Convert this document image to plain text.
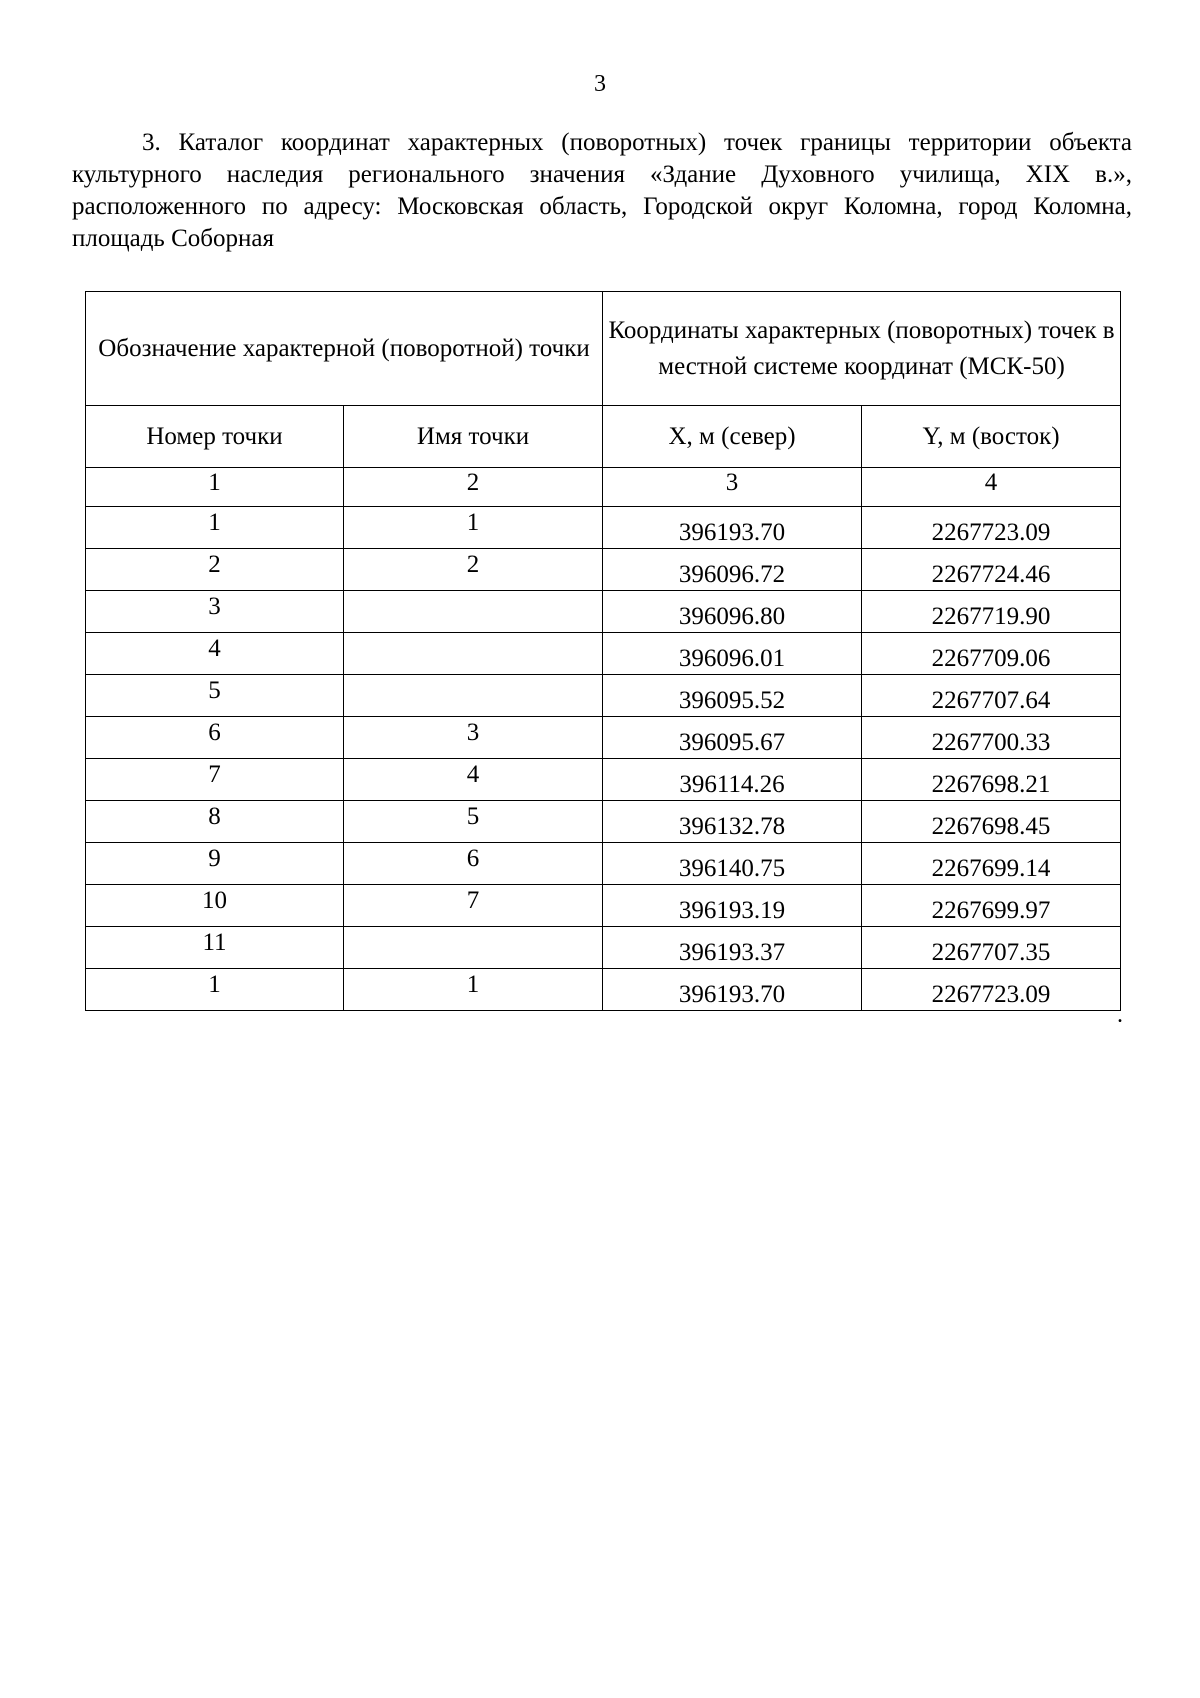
3

3. Каталог координат характерных (поворотных) точек границы территории объекта культурного наследия регионального значения «Здание Духовного училища, XIX в.», расположенного по адресу: Московская область, Городской округ Коломна, город Коломна, площадь Соборная

Обозначение характерной (поворотной) точки		Координаты характерных (поворотных) точек в местной системе координат (МСК-50)	
Номер точки	Имя точки	X, м (север)	Y, м (восток)
1	2	3	4
1	1	396193.70	2267723.09
2	2	396096.72	2267724.46
3		396096.80	2267719.90
4		396096.01	2267709.06
5		396095.52	2267707.64
6	3	396095.67	2267700.33
7	4	396114.26	2267698.21
8	5	396132.78	2267698.45
9	6	396140.75	2267699.14
10	7	396193.19	2267699.97
11		396193.37	2267707.35
1	1	396193.70	2267723.09
.
